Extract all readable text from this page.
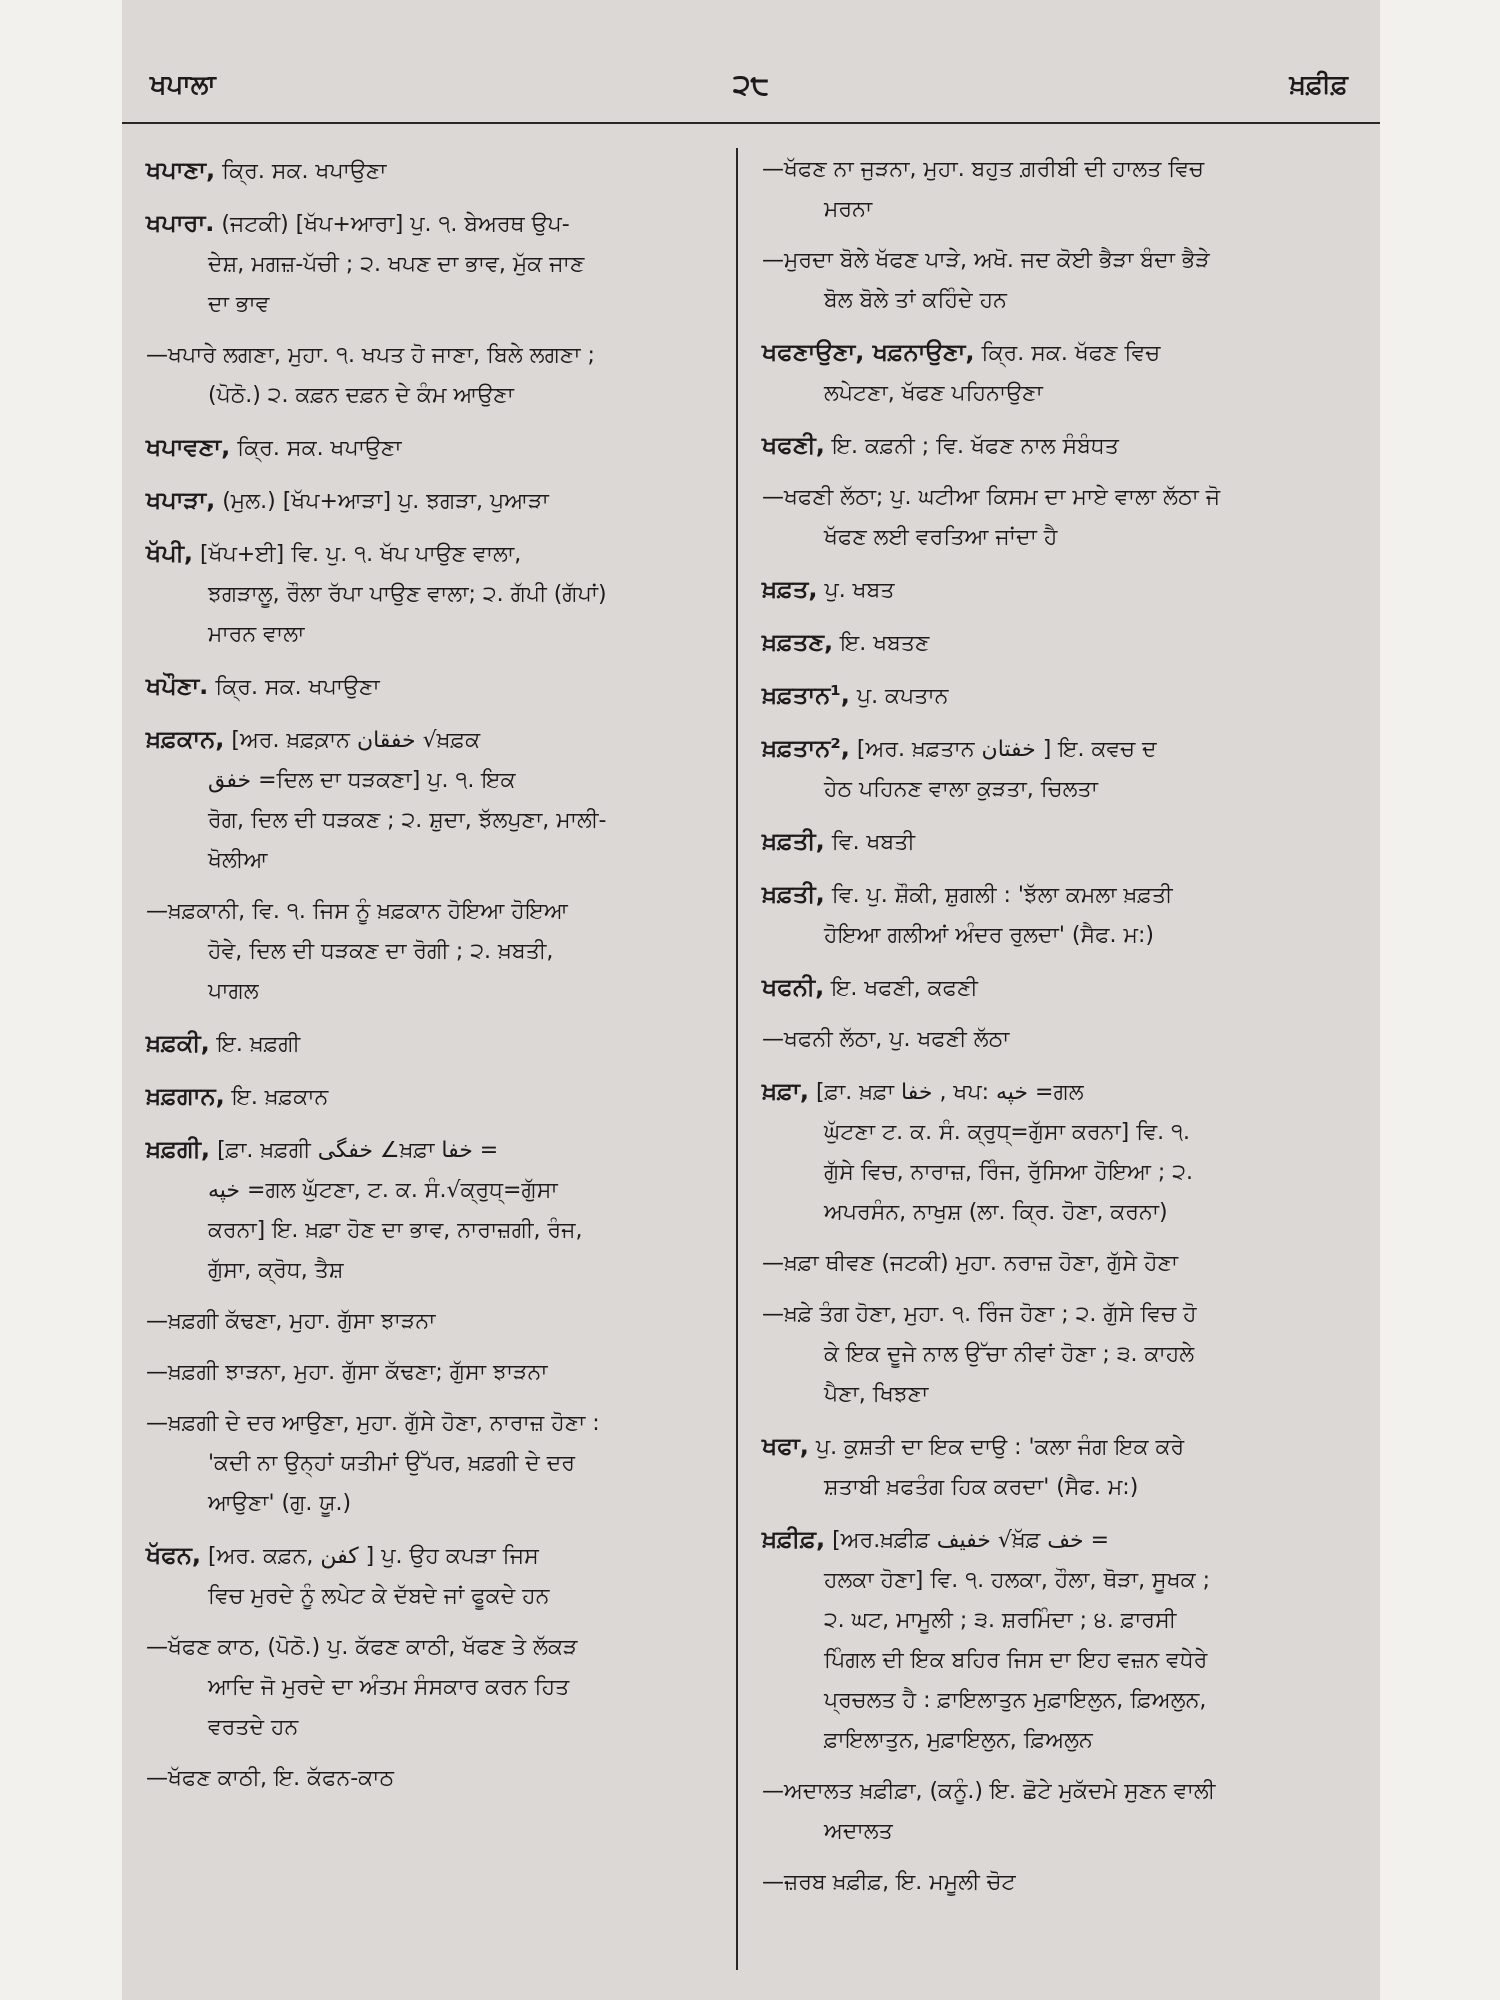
ਖਪਾਲਾ	੨੮	ਖ਼ਫ਼ੀਫ਼
ਖਪਾਣਾ, ਕ੍ਰਿ. ਸਕ. ਖਪਾਉਣਾ
ਖਪਾਰਾ. (ਜਟਕੀ) [ਖੱਪ+ਆਰਾ] ਪੁ. ੧. ਬੇਅਰਥ ਉਪ-
ਦੇਸ਼, ਮਗਜ਼-ਪੱਚੀ ; ੨. ਖਪਣ ਦਾ ਭਾਵ, ਮੁੱਕ ਜਾਣ
ਦਾ ਭਾਵ
—ਖਪਾਰੇ ਲਗਣਾ, ਮੁਹਾ. ੧. ਖਪਤ ਹੋ ਜਾਣਾ, ਬਿਲੇ ਲਗਣਾ ;
(ਪੋਠੋ.) ੨. ਕਫ਼ਨ ਦਫ਼ਨ ਦੇ ਕੰਮ ਆਉਣਾ
ਖਪਾਵਣਾ, ਕ੍ਰਿ. ਸਕ. ਖਪਾਉਣਾ
ਖਪਾੜਾ, (ਮੁਲ.) [ਖੱਪ+ਆੜਾ] ਪੁ. ਝਗੜਾ, ਪੁਆੜਾ
ਖੱਪੀ, [ਖੱਪ+ਈ] ਵਿ. ਪੁ. ੧. ਖੱਪ ਪਾਉਣ ਵਾਲਾ,
ਝਗੜਾਲੂ, ਰੌਲਾ ਰੱਪਾ ਪਾਉਣ ਵਾਲਾ; ੨. ਗੱਪੀ (ਗੱਪਾਂ)
ਮਾਰਨ ਵਾਲਾ
ਖਪੌਣਾ. ਕ੍ਰਿ. ਸਕ. ਖਪਾਉਣਾ
ਖ਼ਫ਼ਕਾਨ, [ਅਰ. ਖ਼ਫ਼ਕ਼ਾਨ خفقان √ਖ਼ਫ਼ਕ
خفق =ਦਿਲ ਦਾ ਧੜਕਣਾ] ਪੁ. ੧. ਇਕ
ਰੋਗ, ਦਿਲ ਦੀ ਧੜਕਣ ; ੨. ਸ਼ੁਦਾ, ਝੱਲਪੁਣਾ, ਮਾਲੀ-
ਖੋਲੀਆ
—ਖ਼ਫ਼ਕਾਨੀ, ਵਿ. ੧. ਜਿਸ ਨੂੰ ਖ਼ਫ਼ਕਾਨ ਹੋਇਆ ਹੋਇਆ
ਹੋਵੇ, ਦਿਲ ਦੀ ਧੜਕਣ ਦਾ ਰੋਗੀ ; ੨. ਖ਼ਬਤੀ,
ਪਾਗਲ
ਖ਼ਫ਼ਕੀ, ਇ. ਖ਼ਫ਼ਗੀ
ਖ਼ਫ਼ਗਾਨ, ਇ. ਖ਼ਫ਼ਕਾਨ
ਖ਼ਫ਼ਗੀ, [ਫ਼ਾ. ਖ਼ਫ਼ਗੀ خفگی ∠ਖ਼ਫ਼ਾ خفا =
خپه =ਗਲ ਘੁੱਟਣਾ, ਟ. ਕ. ਸੰ.√ਕ੍ਰੁਧ੍=ਗੁੱਸਾ
ਕਰਨਾ] ਇ. ਖ਼ਫ਼ਾ ਹੋਣ ਦਾ ਭਾਵ, ਨਾਰਾਜ਼ਗੀ, ਰੰਜ,
ਗੁੱਸਾ, ਕ੍ਰੋਧ, ਤੈਸ਼
—ਖ਼ਫ਼ਗੀ ਕੱਢਣਾ, ਮੁਹਾ. ਗੁੱਸਾ ਝਾੜਨਾ
—ਖ਼ਫ਼ਗੀ ਝਾੜਨਾ, ਮੁਹਾ. ਗੁੱਸਾ ਕੱਢਣਾ; ਗੁੱਸਾ ਝਾੜਨਾ
—ਖ਼ਫ਼ਗੀ ਦੇ ਦਰ ਆਉਣਾ, ਮੁਹਾ. ਗੁੱਸੇ ਹੋਣਾ, ਨਾਰਾਜ਼ ਹੋਣਾ :
'ਕਦੀ ਨਾ ਉਨ੍ਹਾਂ ਯਤੀਮਾਂ ਉੱਪਰ, ਖ਼ਫ਼ਗੀ ਦੇ ਦਰ
ਆਉਣਾ' (ਗੁ. ਯੂ.)
ਖੱਫਨ, [ਅਰ. ਕਫ਼ਨ, كفن ] ਪੁ. ਉਹ ਕਪੜਾ ਜਿਸ
ਵਿਚ ਮੁਰਦੇ ਨੂੰ ਲਪੇਟ ਕੇ ਦੱਬਦੇ ਜਾਂ ਫੂਕਦੇ ਹਨ
—ਖੱਫਣ ਕਾਠ, (ਪੋਠੋ.) ਪੁ. ਕੱਫਣ ਕਾਠੀ, ਖੱਫਣ ਤੇ ਲੱਕੜ
ਆਦਿ ਜੋ ਮੁਰਦੇ ਦਾ ਅੰਤਮ ਸੰਸਕਾਰ ਕਰਨ ਹਿਤ
ਵਰਤਦੇ ਹਨ
—ਖੱਫਣ ਕਾਠੀ, ਇ. ਕੱਫਨ-ਕਾਠ
—ਖੱਫਣ ਨਾ ਜੁੜਨਾ, ਮੁਹਾ. ਬਹੁਤ ਗ਼ਰੀਬੀ ਦੀ ਹਾਲਤ ਵਿਚ
ਮਰਨਾ
—ਮੁਰਦਾ ਬੋਲੇ ਖੱਫਣ ਪਾੜੇ, ਅਖੋ. ਜਦ ਕੋਈ ਭੈੜਾ ਬੰਦਾ ਭੈੜੇ
ਬੋਲ ਬੋਲੇ ਤਾਂ ਕਹਿੰਦੇ ਹਨ
ਖਫਣਾਉਣਾ, ਖਫ਼ਨਾਉਣਾ, ਕ੍ਰਿ. ਸਕ. ਖੱਫਣ ਵਿਚ
ਲਪੇਟਣਾ, ਖੱਫਣ ਪਹਿਨਾਉਣਾ
ਖਫਣੀ, ਇ. ਕਫ਼ਨੀ ; ਵਿ. ਖੱਫਣ ਨਾਲ ਸੰਬੰਧਤ
—ਖਫਣੀ ਲੱਠਾ; ਪੁ. ਘਟੀਆ ਕਿਸਮ ਦਾ ਮਾਏ ਵਾਲਾ ਲੱਠਾ ਜੋ
ਖੱਫਣ ਲਈ ਵਰਤਿਆ ਜਾਂਦਾ ਹੈ
ਖ਼ਫ਼ਤ, ਪੁ. ਖਬਤ
ਖ਼ਫ਼ਤਣ, ਇ. ਖਬਤਣ
ਖ਼ਫ਼ਤਾਨ¹, ਪੁ. ਕਪਤਾਨ
ਖ਼ਫ਼ਤਾਨ², [ਅਰ. ਖ਼ਫ਼ਤਾਨ خفتان ] ਇ. ਕਵਚ ਦ
ਹੇਠ ਪਹਿਨਣ ਵਾਲਾ ਕੁੜਤਾ, ਚਿਲਤਾ
ਖ਼ਫ਼ਤੀ, ਵਿ. ਖਬਤੀ
ਖ਼ਫ਼ਤੀ, ਵਿ. ਪੁ. ਸ਼ੌਕੀ, ਸ਼ੁਗਲੀ : 'ਝੱਲਾ ਕਮਲਾ ਖ਼ਫ਼ਤੀ
ਹੋਇਆ ਗਲੀਆਂ ਅੰਦਰ ਰੁਲਦਾ' (ਸੈਫ. ਮ:)
ਖਫਨੀ, ਇ. ਖਫਣੀ, ਕਫਣੀ
—ਖਫਨੀ ਲੱਠਾ, ਪੁ. ਖਫਣੀ ਲੱਠਾ
ਖ਼ਫ਼ਾ, [ਫ਼ਾ. ਖ਼ਫ਼ਾ خفا , ਖਪ: خپه =ਗਲ
ਘੁੱਟਣਾ ਟ. ਕ. ਸੰ. ਕ੍ਰੁਧ੍=ਗੁੱਸਾ ਕਰਨਾ] ਵਿ. ੧.
ਗੁੱਸੇ ਵਿਚ, ਨਾਰਾਜ਼, ਰਿੰਜ, ਰੁੱਸਿਆ ਹੋਇਆ ; ੨.
ਅਪਰਸੰਨ, ਨਾਖੁਸ਼ (ਲਾ. ਕ੍ਰਿ. ਹੋਣਾ, ਕਰਨਾ)
—ਖ਼ਫ਼ਾ ਥੀਵਣ (ਜਟਕੀ) ਮੁਹਾ. ਨਰਾਜ਼ ਹੋਣਾ, ਗੁੱਸੇ ਹੋਣਾ
—ਖ਼ਫ਼ੇ ਤੰਗ ਹੋਣਾ, ਮੁਹਾ. ੧. ਰਿੰਜ ਹੋਣਾ ; ੨. ਗੁੱਸੇ ਵਿਚ ਹੋ
ਕੇ ਇਕ ਦੂਜੇ ਨਾਲ ਉੱਚਾ ਨੀਵਾਂ ਹੋਣਾ ; ੩. ਕਾਹਲੇ
ਪੈਣਾ, ਖਿਝਣਾ
ਖਫਾ, ਪੁ. ਕੁਸ਼ਤੀ ਦਾ ਇਕ ਦਾਉ : 'ਕਲਾ ਜੰਗ ਇਕ ਕਰੇ
ਸ਼ਤਾਬੀ ਖ਼ਫਤੰਗ ਹਿਕ ਕਰਦਾ' (ਸੈਫ. ਮ:)
ਖ਼ਫ਼ੀਫ਼, [ਅਰ.ਖ਼ਫ਼ੀਫ਼ خفيف √ਖ਼ੱਫ਼ خف =
ਹਲਕਾ ਹੋਣਾ] ਵਿ. ੧. ਹਲਕਾ, ਹੌਲਾ, ਥੋੜਾ, ਸੂਖਕ ;
੨. ਘਟ, ਮਾਮੂਲੀ ; ੩. ਸ਼ਰਮਿੰਦਾ ; ੪. ਫ਼ਾਰਸੀ
ਪਿੰਗਲ ਦੀ ਇਕ ਬਹਿਰ ਜਿਸ ਦਾ ਇਹ ਵਜ਼ਨ ਵਧੇਰੇ
ਪ੍ਰਚਲਤ ਹੈ : ਫ਼ਾਇਲਾਤੁਨ ਮੁਫ਼ਾਇਲੁਨ, ਫ਼ਿਅਲੁਨ,
ਫ਼ਾਇਲਾਤੁਨ, ਮੁਫ਼ਾਇਲੁਨ, ਫ਼ਿਅਲੁਨ
—ਅਦਾਲਤ ਖ਼ਫ਼ੀਫ਼ਾ, (ਕਨੂੰ.) ਇ. ਛੋਟੇ ਮੁਕੱਦਮੇ ਸੁਣਨ ਵਾਲੀ
ਅਦਾਲਤ
—ਜ਼ਰਬ ਖ਼ਫ਼ੀਫ਼, ਇ. ਮਮੂਲੀ ਚੋਟ
